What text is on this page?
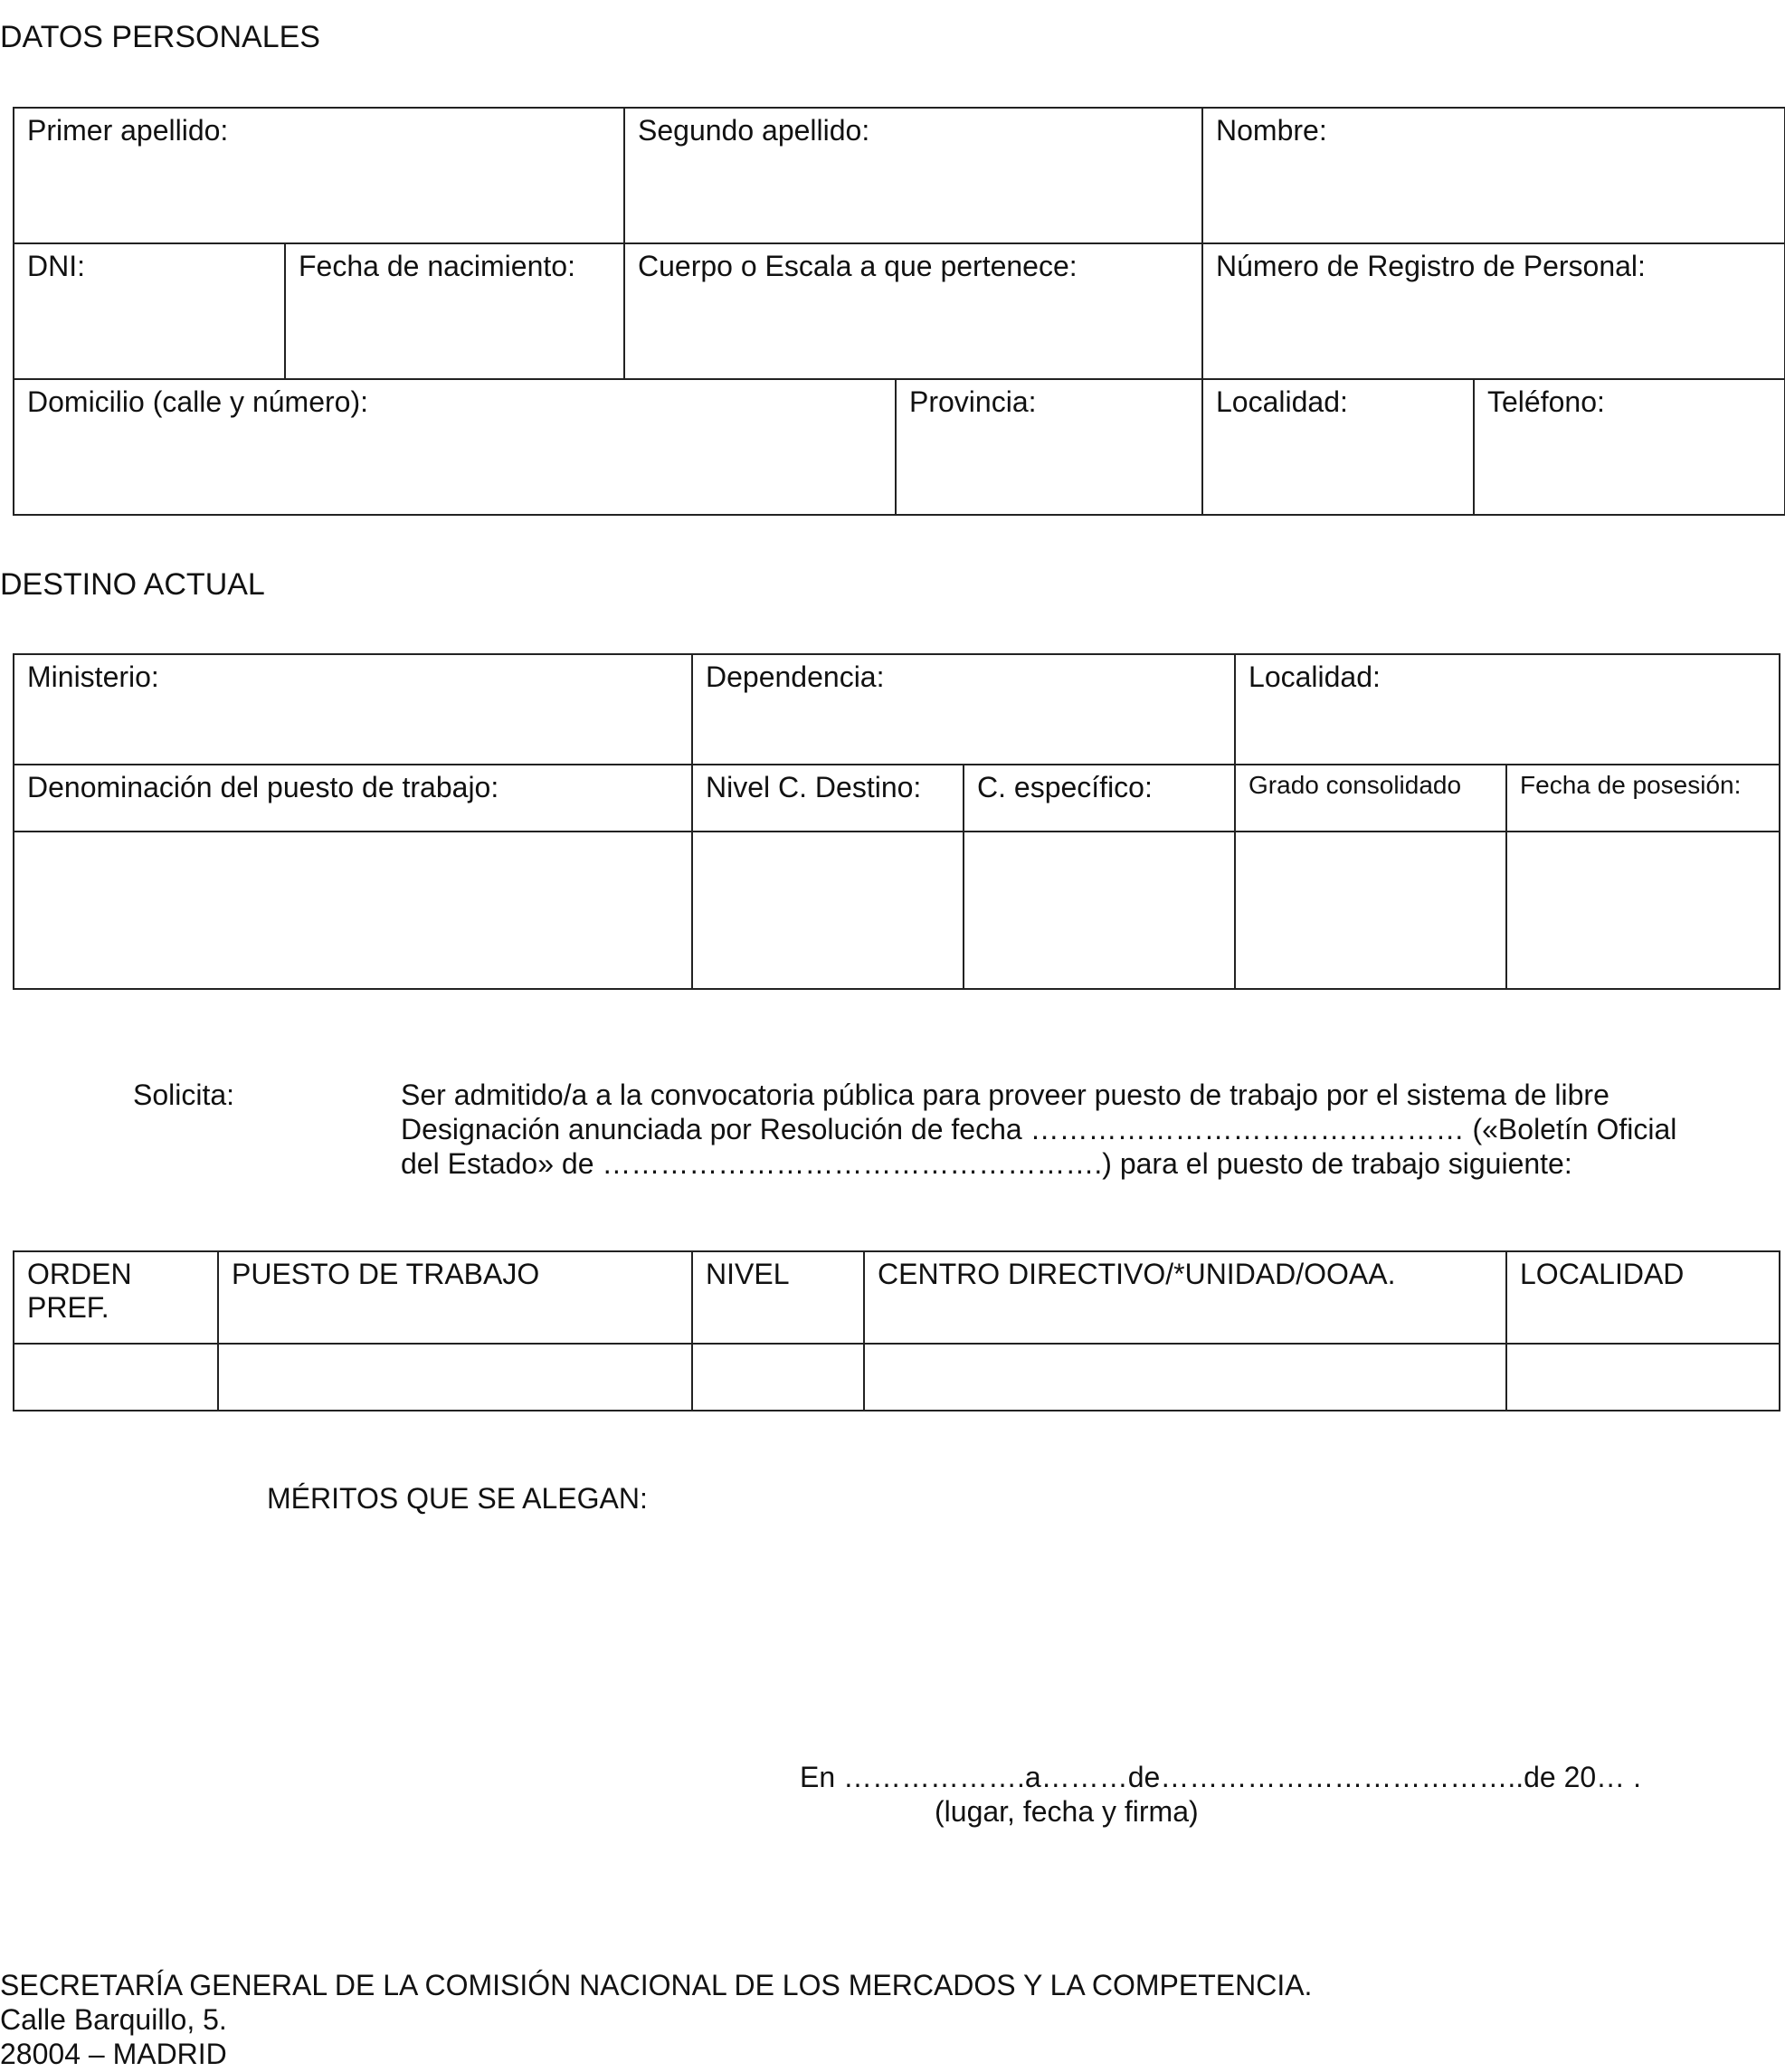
DATOS PERSONALES
Primer apellido:		Segundo apellido:		Nombre:	
DNI:	Fecha de nacimiento:	Cuerpo o Escala a que pertenece:		Número de Registro de Personal:	
Domicilio (calle y número):			Provincia:	Localidad:	Teléfono:
DESTINO ACTUAL
Ministerio:	Dependencia:		Localidad:	
Denominación del puesto de trabajo:	Nivel C. Destino:	C. específico:	Grado consolidado	Fecha de posesión:

Solicita:	Ser admitido/a a la convocatoria pública para proveer puesto de trabajo por el sistema de libre
Designación anunciada por Resolución de fecha ……………………………………… («Boletín Oficial
del Estado» de …………………………………………….) para el puesto de trabajo siguiente:
ORDEN PREF.	PUESTO DE TRABAJO	NIVEL	CENTRO DIRECTIVO/*UNIDAD/OOAA.	LOCALIDAD

MÉRITOS QUE SE ALEGAN:
En ……………….a………de………………………………..de 20… .
(lugar, fecha y firma)
SECRETARÍA GENERAL DE LA COMISIÓN NACIONAL DE LOS MERCADOS Y LA COMPETENCIA.
Calle Barquillo, 5.
28004 – MADRID
